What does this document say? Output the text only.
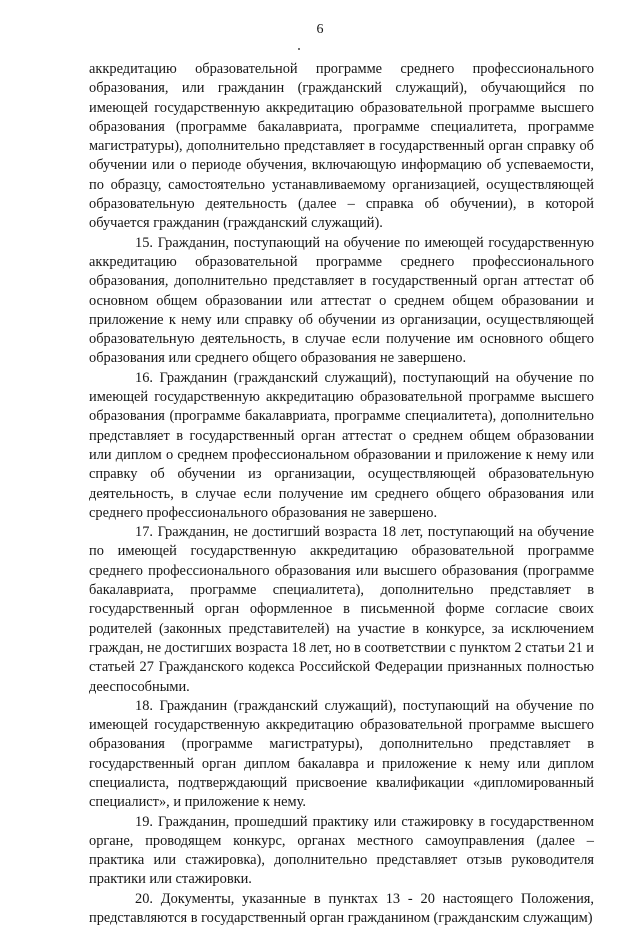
6

аккредитацию образовательной программе среднего профессионального образования, или гражданин (гражданский служащий), обучающийся по имеющей государственную аккредитацию образовательной программе высшего образования (программе бакалавриата, программе специалитета, программе магистратуры), дополнительно представляет в государственный орган справку об обучении или о периоде обучения, включающую информацию об успеваемости, по образцу, самостоятельно устанавливаемому организацией, осуществляющей образовательную деятельность (далее – справка об обучении), в которой обучается гражданин (гражданский служащий).

15. Гражданин, поступающий на обучение по имеющей государственную аккредитацию образовательной программе среднего профессионального образования, дополнительно представляет в государственный орган аттестат об основном общем образовании или аттестат о среднем общем образовании и приложение к нему или справку об обучении из организации, осуществляющей образовательную деятельность, в случае если получение им основного общего образования или среднего общего образования не завершено.

16. Гражданин (гражданский служащий), поступающий на обучение по имеющей государственную аккредитацию образовательной программе высшего образования (программе бакалавриата, программе специалитета), дополнительно представляет в государственный орган аттестат о среднем общем образовании или диплом о среднем профессиональном образовании и приложение к нему или справку об обучении из организации, осуществляющей образовательную деятельность, в случае если получение им среднего общего образования или среднего профессионального образования не завершено.

17. Гражданин, не достигший возраста 18 лет, поступающий на обучение по имеющей государственную аккредитацию образовательной программе среднего профессионального образования или высшего образования (программе бакалавриата, программе специалитета), дополнительно представляет в государственный орган оформленное в письменной форме согласие своих родителей (законных представителей) на участие в конкурсе, за исключением граждан, не достигших возраста 18 лет, но в соответствии с пунктом 2 статьи 21 и статьей 27 Гражданского кодекса Российской Федерации признанных полностью дееспособными.

18. Гражданин (гражданский служащий), поступающий на обучение по имеющей государственную аккредитацию образовательной программе высшего образования (программе магистратуры), дополнительно представляет в государственный орган диплом бакалавра и приложение к нему или диплом специалиста, подтверждающий присвоение квалификации «дипломированный специалист», и приложение к нему.

19. Гражданин, прошедший практику или стажировку в государственном органе, проводящем конкурс, органах местного самоуправления (далее – практика или стажировка), дополнительно представляет отзыв руководителя практики или стажировки.

20. Документы, указанные в пунктах 13 - 20 настоящего Положения, представляются в государственный орган гражданином (гражданским служащим)
